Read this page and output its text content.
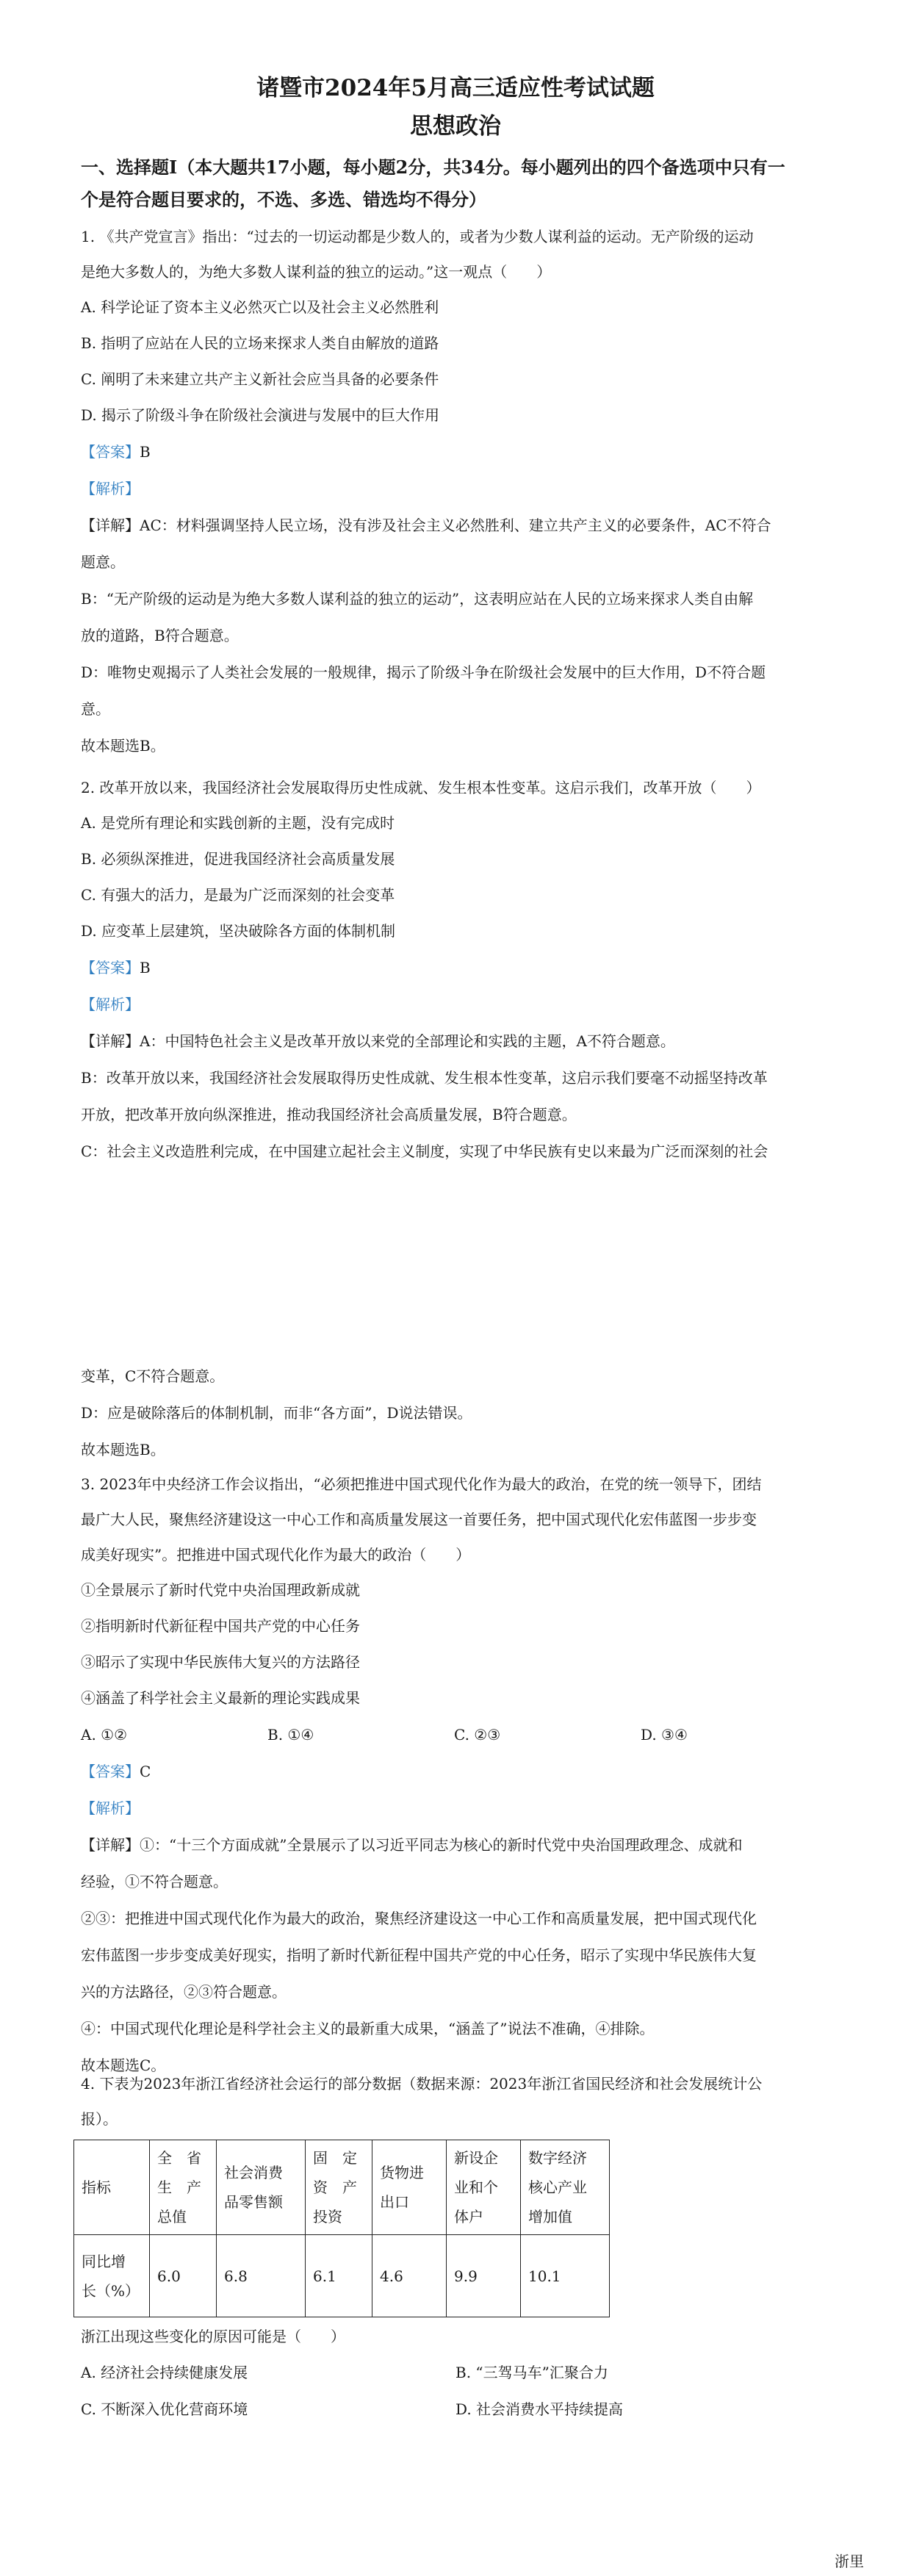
诸暨市2024年5月高三适应性考试试题

思想政治

一、选择题Ⅰ（本大题共17小题，每小题2分，共34分。每小题列出的四个备选项中只有一

个是符合题目要求的，不选、多选、错选均不得分）

1. 《共产党宣言》指出：“过去的一切运动都是少数人的，或者为少数人谋利益的运动。无产阶级的运动

是绝大多数人的，为绝大多数人谋利益的独立的运动。”这一观点（　　）

A. 科学论证了资本主义必然灭亡以及社会主义必然胜利

B. 指明了应站在人民的立场来探求人类自由解放的道路

C. 阐明了未来建立共产主义新社会应当具备的必要条件

D. 揭示了阶级斗争在阶级社会演进与发展中的巨大作用

【答案】B

【解析】

【详解】AC：材料强调坚持人民立场，没有涉及社会主义必然胜利、建立共产主义的必要条件，AC不符合

题意。

B：“无产阶级的运动是为绝大多数人谋利益的独立的运动”，这表明应站在人民的立场来探求人类自由解

放的道路，B符合题意。

D：唯物史观揭示了人类社会发展的一般规律，揭示了阶级斗争在阶级社会发展中的巨大作用，D不符合题

意。

故本题选B。

2. 改革开放以来，我国经济社会发展取得历史性成就、发生根本性变革。这启示我们，改革开放（　　）

A. 是党所有理论和实践创新的主题，没有完成时

B. 必须纵深推进，促进我国经济社会高质量发展

C. 有强大的活力，是最为广泛而深刻的社会变革

D. 应变革上层建筑，坚决破除各方面的体制机制

【答案】B

【解析】

【详解】A：中国特色社会主义是改革开放以来党的全部理论和实践的主题，A不符合题意。

B：改革开放以来，我国经济社会发展取得历史性成就、发生根本性变革，这启示我们要毫不动摇坚持改革

开放，把改革开放向纵深推进，推动我国经济社会高质量发展，B符合题意。

C：社会主义改造胜利完成，在中国建立起社会主义制度，实现了中华民族有史以来最为广泛而深刻的社会

变革，C不符合题意。

D：应是破除落后的体制机制，而非“各方面”，D说法错误。

故本题选B。

3. 2023年中央经济工作会议指出，“必须把推进中国式现代化作为最大的政治，在党的统一领导下，团结

最广大人民，聚焦经济建设这一中心工作和高质量发展这一首要任务，把中国式现代化宏伟蓝图一步步变

成美好现实”。把推进中国式现代化作为最大的政治（　　）

①全景展示了新时代党中央治国理政新成就

②指明新时代新征程中国共产党的中心任务

③昭示了实现中华民族伟大复兴的方法路径

④涵盖了科学社会主义最新的理论实践成果

A. ①②	B. ①④	C. ②③	D. ③④

【答案】C

【解析】

【详解】①：“十三个方面成就”全景展示了以习近平同志为核心的新时代党中央治国理政理念、成就和

经验，①不符合题意。

②③：把推进中国式现代化作为最大的政治，聚焦经济建设这一中心工作和高质量发展，把中国式现代化

宏伟蓝图一步步变成美好现实，指明了新时代新征程中国共产党的中心任务，昭示了实现中华民族伟大复

兴的方法路径，②③符合题意。

④：中国式现代化理论是科学社会主义的最新重大成果，“涵盖了”说法不准确，④排除。

故本题选C。

4. 下表为2023年浙江省经济社会运行的部分数据（数据来源：2023年浙江省国民经济和社会发展统计公

报）。

指标	全　省
生　产
总值	社会消费
品零售额	固　定
资　产
投资	货物进
出口	新设企
业和个
体户	数字经济
核心产业
增加值
同比增
长（%）	6.0	6.8	6.1	4.6	9.9	10.1

浙江出现这些变化的原因可能是（　　）

A. 经济社会持续健康发展	B. “三驾马车”汇聚合力
C. 不断深入优化营商环境	D. 社会消费水平持续提高
浙里
